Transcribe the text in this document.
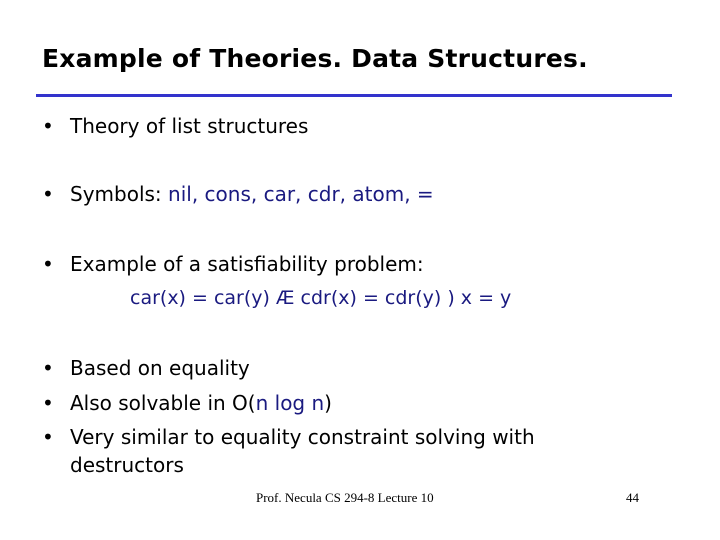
Example of Theories. Data Structures.
• Theory of list structures
• Symbols: nil, cons, car, cdr, atom, =
• Example of a satisfiability problem:
car(x) = car(y) Æ cdr(x) = cdr(y) ) x = y
• Based on equality
• Also solvable in O(n log n)
• Very similar to equality constraint solving with
destructors
Prof. Necula CS 294-8 Lecture 10	44
